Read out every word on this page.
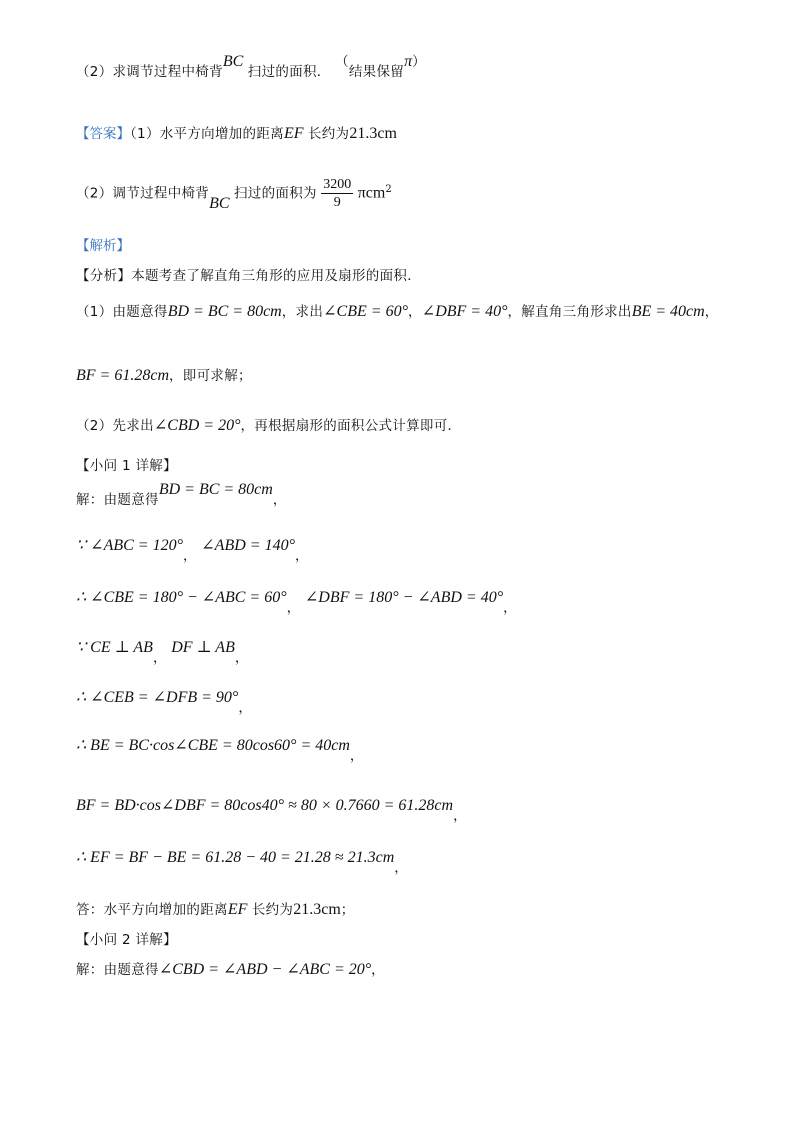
（2）求调节过程中椅背BC 扫过的面积． （结果保留π）
【答案】（1）水平方向增加的距离EF 长约为21.3cm
（2）调节过程中椅背BC 扫过的面积为 $\frac{3200}{9} \pi cm^2$
【解析】
【分析】本题考查了解直角三角形的应用及扇形的面积．
（1）由题意得BD = BC = 80cm，求出∠CBE = 60°，∠DBF = 40°，解直角三角形求出BE = 40cm，
BF = 61.28cm，即可求解；
（2）先求出∠CBD = 20°，再根据扇形的面积公式计算即可．
【小问 1 详解】
解：由题意得BD = BC = 80cm，
∵ ∠ABC = 120°， ∠ABD = 140°，
∴ ∠CBE = 180° − ∠ABC = 60°， ∠DBF = 180° − ∠ABD = 40°，
∵ CE ⊥ AB， DF ⊥ AB，
∴ ∠CEB = ∠DFB = 90°，
∴ BE = BC·cos∠CBE = 80cos60° = 40cm，
BF = BD·cos∠DBF = 80cos40° ≈ 80 × 0.7660 = 61.28cm，
∴ EF = BF − BE = 61.28 − 40 = 21.28 ≈ 21.3cm，
答：水平方向增加的距离EF 长约为21.3cm；
【小问 2 详解】
解：由题意得∠CBD = ∠ABD − ∠ABC = 20°，
